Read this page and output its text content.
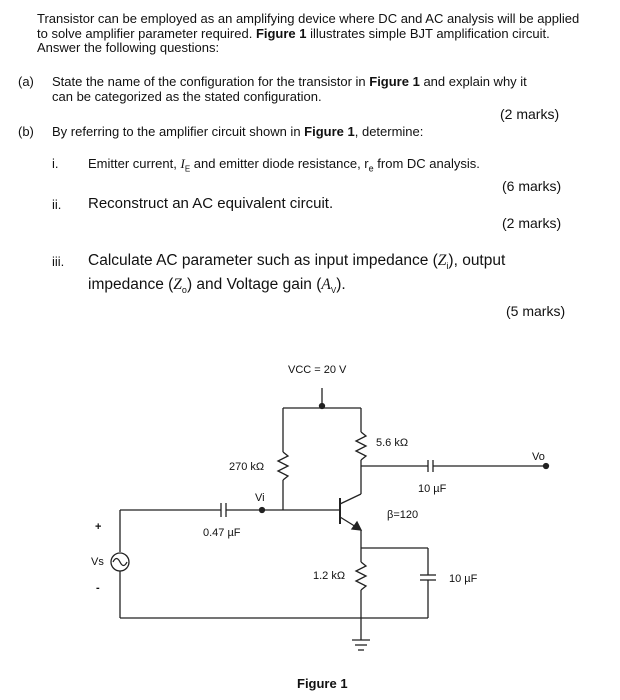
Transistor can be employed as an amplifying device where DC and AC analysis will be applied to solve amplifier parameter required. Figure 1 illustrates simple BJT amplification circuit. Answer the following questions:
(a) State the name of the configuration for the transistor in Figure 1 and explain why it
can be categorized as the stated configuration.
(2 marks)
(b) By referring to the amplifier circuit shown in Figure 1, determine:
i. Emitter current, $I_E$ and emitter diode resistance, $r_e$ from DC analysis.
(6 marks)
ii. Reconstruct an AC equivalent circuit.
(2 marks)
iii. Calculate AC parameter such as input impedance $(Z_i)$, output
impedance $(Z_o)$ and Voltage gain $(A_V)$.
(5 marks)
VCC = 20 V
270 kΩ
5.6 kΩ
1.2 kΩ
0.47 µF
10 µF
10 µF
β=120
Vi
Vo
Vs
+
-
Figure 1
